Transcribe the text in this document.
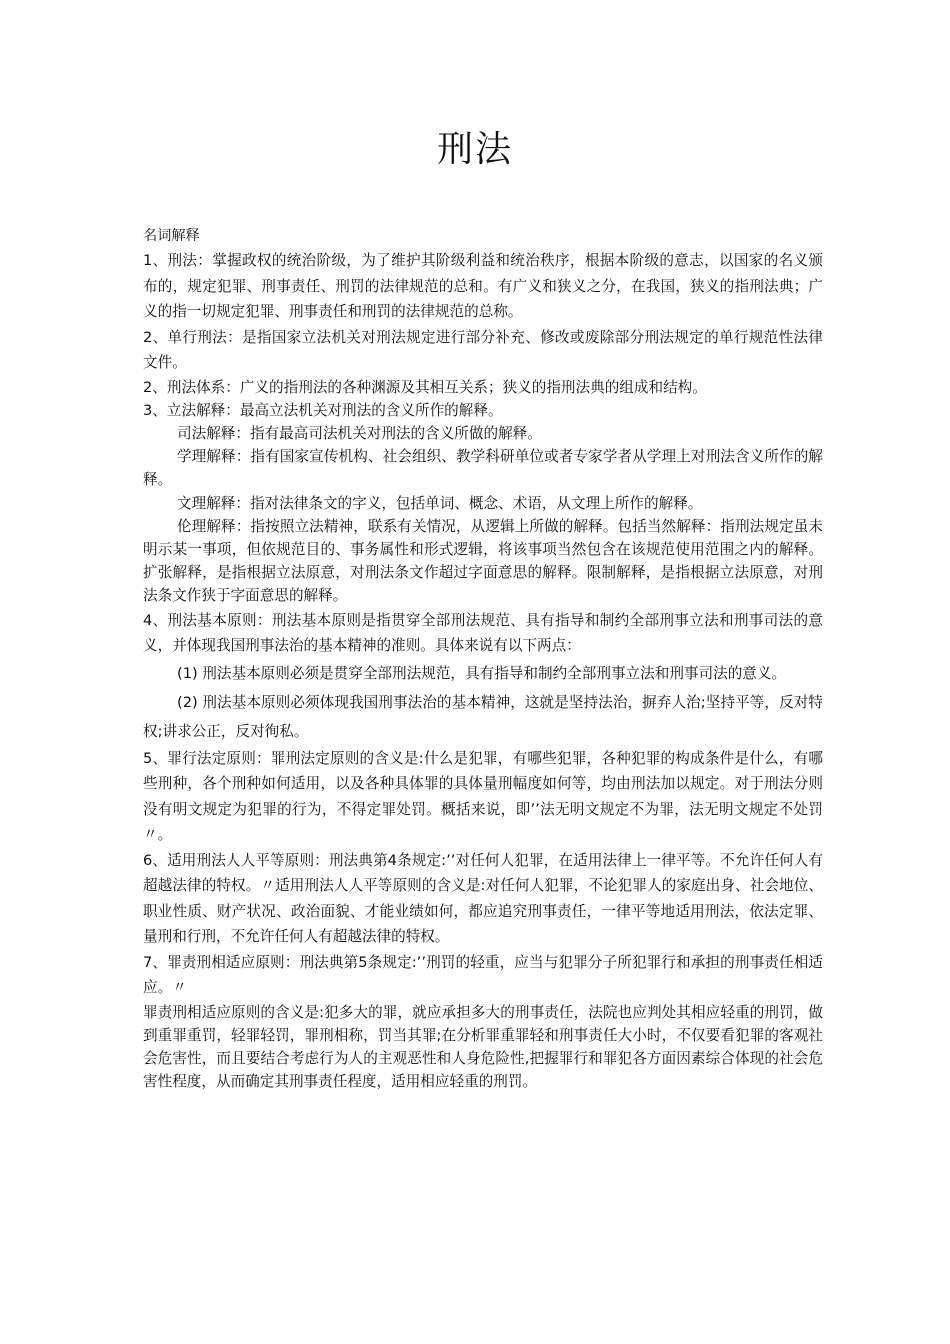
刑法

名词解释

1、刑法：掌握政权的统治阶级，为了维护其阶级利益和统治秩序，根据本阶级的意志，以国家的名义颁布的，规定犯罪、刑事责任、刑罚的法律规范的总和。有广义和狭义之分，在我国，狭义的指刑法典；广义的指一切规定犯罪、刑事责任和刑罚的法律规范的总称。

2、单行刑法：是指国家立法机关对刑法规定进行部分补充、修改或废除部分刑法规定的单行规范性法律文件。

2、刑法体系：广义的指刑法的各种渊源及其相互关系；狭义的指刑法典的组成和结构。

3、立法解释：最高立法机关对刑法的含义所作的解释。

司法解释：指有最高司法机关对刑法的含义所做的解释。

学理解释：指有国家宣传机构、社会组织、教学科研单位或者专家学者从学理上对刑法含义所作的解释。

文理解释：指对法律条文的字义，包括单词、概念、术语，从文理上所作的解释。

伦理解释：指按照立法精神，联系有关情况，从逻辑上所做的解释。包括当然解释：指刑法规定虽未明示某一事项，但依规范目的、事务属性和形式逻辑，将该事项当然包含在该规范使用范围之内的解释。扩张解释，是指根据立法原意，对刑法条文作超过字面意思的解释。限制解释，是指根据立法原意，对刑法条文作狭于字面意思的解释。

4、刑法基本原则：刑法基本原则是指贯穿全部刑法规范、具有指导和制约全部刑事立法和刑事司法的意义，并体现我国刑事法治的基本精神的准则。具体来说有以下两点：

(1) 刑法基本原则必须是贯穿全部刑法规范，具有指导和制约全部刑事立法和刑事司法的意义。

(2) 刑法基本原则必须体现我国刑事法治的基本精神，这就是坚持法治，摒弃人治;坚持平等，反对特权;讲求公正，反对徇私。

5、罪行法定原则：罪刑法定原则的含义是:什么是犯罪，有哪些犯罪，各种犯罪的构成条件是什么，有哪些刑种，各个刑种如何适用，以及各种具体罪的具体量刑幅度如何等，均由刑法加以规定。对于刑法分则没有明文规定为犯罪的行为，不得定罪处罚。概括来说，即’’法无明文规定不为罪，法无明文规定不处罚〃。

6、适用刑法人人平等原则：刑法典第4条规定:’’对任何人犯罪，在适用法律上一律平等。不允许任何人有超越法律的特权。〃适用刑法人人平等原则的含义是:对任何人犯罪，不论犯罪人的家庭出身、社会地位、职业性质、财产状况、政治面貌、才能业绩如何，都应追究刑事责任，一律平等地适用刑法，依法定罪、量刑和行刑，不允许任何人有超越法律的特权。

7、罪责刑相适应原则：刑法典第5条规定:’’刑罚的轻重，应当与犯罪分子所犯罪行和承担的刑事责任相适应。〃

罪责刑相适应原则的含义是:犯多大的罪，就应承担多大的刑事责任，法院也应判处其相应轻重的刑罚，做到重罪重罚，轻罪轻罚，罪刑相称，罚当其罪;在分析罪重罪轻和刑事责任大小时，不仅要看犯罪的客观社会危害性，而且要结合考虑行为人的主观恶性和人身危险性,把握罪行和罪犯各方面因素综合体现的社会危害性程度，从而确定其刑事责任程度，适用相应轻重的刑罚。
